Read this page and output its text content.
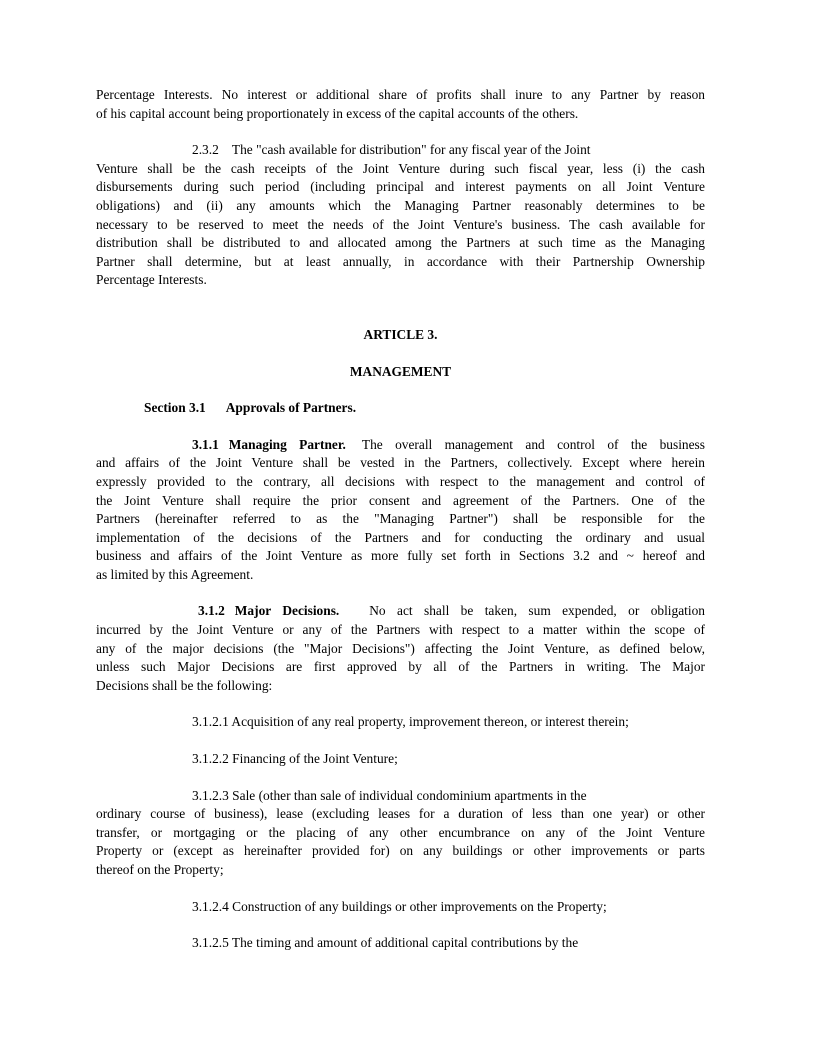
Percentage Interests. No interest or additional share of profits shall inure to any Partner by reason
of his capital account being proportionately in excess of the capital accounts of the others.
2.3.2    The "cash available for distribution" for any fiscal year of the Joint
Venture shall be the cash receipts of the Joint Venture during such fiscal year, less (i) the cash
disbursements during such period (including principal and interest payments on all Joint Venture
obligations) and (ii) any amounts which the Managing Partner reasonably determines to be
necessary to be reserved to meet the needs of the Joint Venture's business. The cash available for
distribution shall be distributed to and allocated among the Partners at such time as the Managing
Partner shall determine, but at least annually, in accordance with their Partnership Ownership
Percentage Interests.
ARTICLE 3.
MANAGEMENT
Section 3.1 Approvals of Partners.
3.1.1 Managing Partner. The overall management and control of the business
and affairs of the Joint Venture shall be vested in the Partners, collectively. Except where herein
expressly provided to the contrary, all decisions with respect to the management and control of
the Joint Venture shall require the prior consent and agreement of the Partners. One of the
Partners (hereinafter referred to as the "Managing Partner") shall be responsible for the
implementation of the decisions of the Partners and for conducting the ordinary and usual
business and affairs of the Joint Venture as more fully set forth in Sections 3.2 and ~ hereof and
as limited by this Agreement.
3.1.2 Major Decisions. No act shall be taken, sum expended, or obligation
incurred by the Joint Venture or any of the Partners with respect to a matter within the scope of
any of the major decisions (the "Major Decisions") affecting the Joint Venture, as defined below,
unless such Major Decisions are first approved by all of the Partners in writing. The Major
Decisions shall be the following:
3.1.2.1 Acquisition of any real property, improvement thereon, or interest therein;
3.1.2.2 Financing of the Joint Venture;
3.1.2.3 Sale (other than sale of individual condominium apartments in the
ordinary course of business), lease (excluding leases for a duration of less than one year) or other
transfer, or mortgaging or the placing of any other encumbrance on any of the Joint Venture
Property or (except as hereinafter provided for) on any buildings or other improvements or parts
thereof on the Property;
3.1.2.4 Construction of any buildings or other improvements on the Property;
3.1.2.5 The timing and amount of additional capital contributions by the
